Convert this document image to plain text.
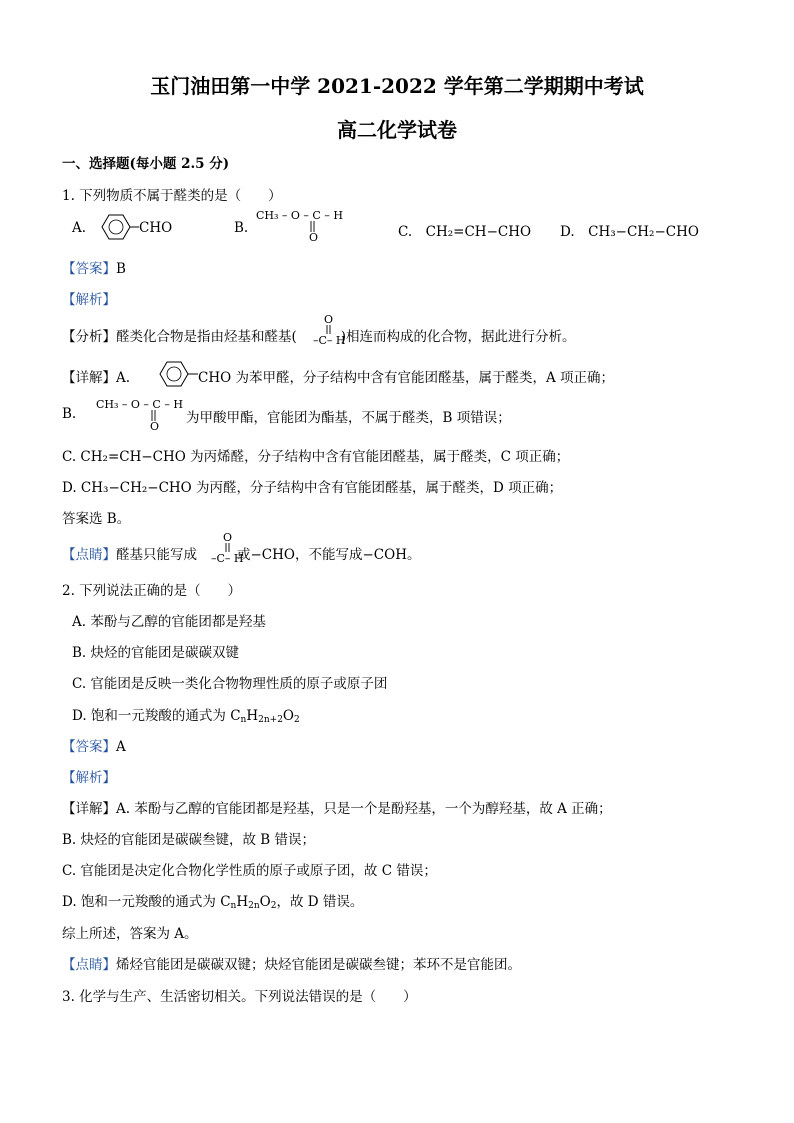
玉门油田第一中学 2021-2022 学年第二学期期中考试
高二化学试卷
一、选择题(每小题 2.5 分)
1. 下列物质不属于醛类的是（　　）
A.	CHO	B.
CH₃ – O – C – H
O	C.　CH₂=CH−CHO D.　CH₃−CH₂−CHO
【答案】B
【解析】
【分析】醛类化合物是指由烃基和醛基(	)相连而构成的化合物，据此进行分析。
O
–C– H
【详解】A.	CHO 为苯甲醛，分子结构中含有官能团醛基，属于醛类，A 项正确；
B.
CH₃ – O – C – H
O
为甲酸甲酯，官能团为酯基，不属于醛类，B 项错误；
C. CH₂=CH−CHO 为丙烯醛，分子结构中含有官能团醛基，属于醛类，C 项正确；
D. CH₃−CH₂−CHO 为丙醛，分子结构中含有官能团醛基，属于醛类，D 项正确；
答案选 B。
【点睛】醛基只能写成	或−CHO，不能写成−COH。
O
–C– H
2. 下列说法正确的是（　　）
A. 苯酚与乙醇的官能团都是羟基
B. 炔烃的官能团是碳碳双键
C. 官能团是反映一类化合物物理性质的原子或原子团
D. 饱和一元羧酸的通式为 $C_nH_{2n+2}O_2$
【答案】A
【解析】
【详解】A. 苯酚与乙醇的官能团都是羟基，只是一个是酚羟基，一个为醇羟基，故 A 正确；
B. 炔烃的官能团是碳碳叁键，故 B 错误；
C. 官能团是决定化合物化学性质的原子或原子团，故 C 错误；
D. 饱和一元羧酸的通式为 $C_nH_{2n}O_2$，故 D 错误。
综上所述，答案为 A。
【点睛】烯烃官能团是碳碳双键；炔烃官能团是碳碳叁键；苯环不是官能团。
3. 化学与生产、生活密切相关。下列说法错误的是（　　）
